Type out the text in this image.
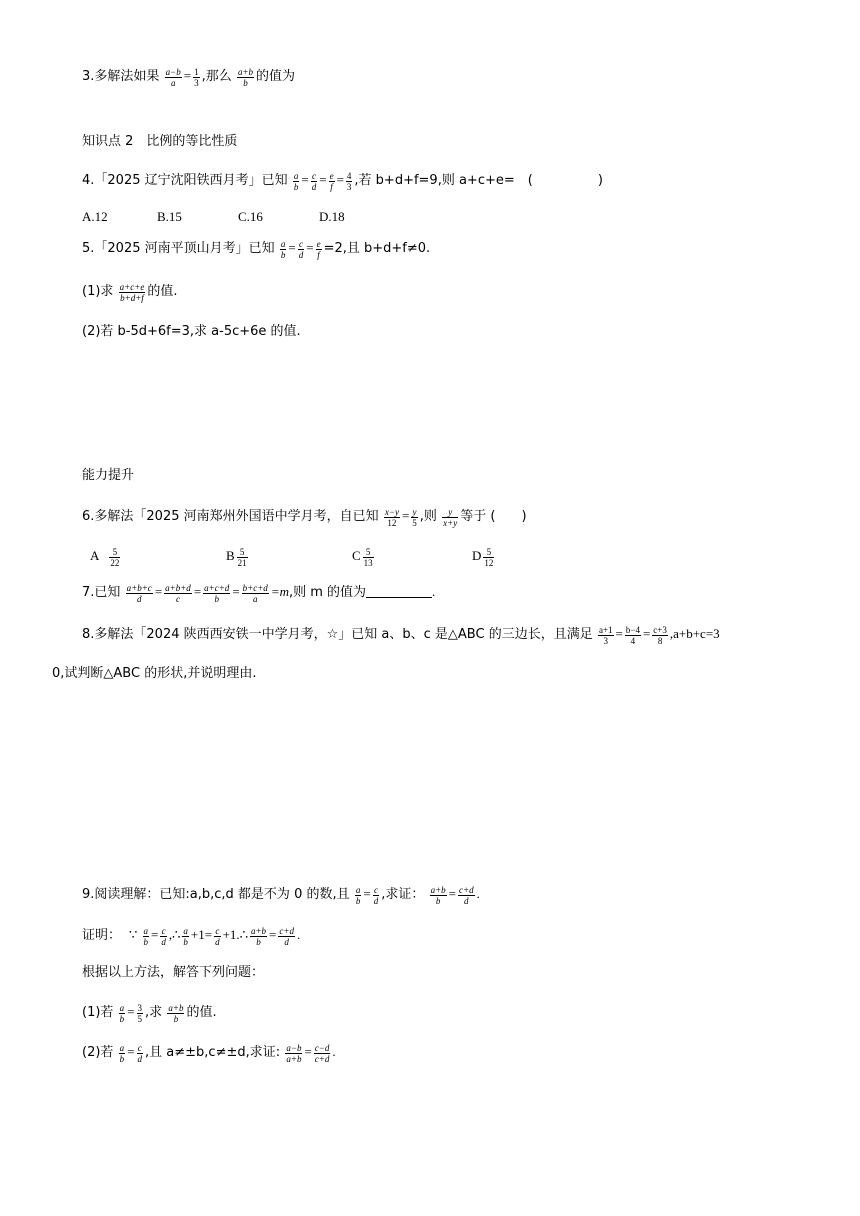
3.多解法如果 $\frac{a-b}{a} = \frac{1}{3}$ ,那么 $\frac{a+b}{b}$ 的值为
知识点 2　比例的等比性质
4.「2025 辽宁沈阳铁西月考」已知 $\frac{a}{b} = \frac{c}{d} = \frac{e}{f} = \frac{4}{3}$ ,若 b+d+f=9,则 a+c+e=　(　　　　　)
A.12	B.15	C.16	D.18
5.「2025 河南平顶山月考」已知 $\frac{a}{b} = \frac{c}{d} = \frac{e}{f} =2$,且 b+d+f≠0.
(1)求 $\frac{a+c+e}{b+d+f}$ 的值.
(2)若 b-5d+6f=3,求 a-5c+6e 的值.
能力提升
6.多解法「2025 河南郑州外国语中学月考，自已知 $\frac{x-y}{12} = \frac{y}{5}$ ,则 $\frac{y}{x+y}$ 等于 (　　)
A $\frac{5}{22}$	B $\frac{5}{21}$	C $\frac{5}{13}$	D $\frac{5}{12}$
7.已知 $\frac{a+b+c}{d} = \frac{a+b+d}{c} = \frac{a+c+d}{b} = \frac{b+c+d}{a} =m$,则 m 的值为	.
8.多解法「2024 陕西西安铁一中学月考，☆」已知 a、b、c 是△ABC 的三边长，且满足 $\frac{a+1}{3} = \frac{b-4}{4} = \frac{c+3}{8} ,a+b+c=3$
0,试判断△ABC 的形状,并说明理由.
9.阅读理解：已知:a,b,c,d 都是不为 0 的数,且 $\frac{a}{b} = \frac{c}{d}$ ,求证： $\frac{a+b}{b} = \frac{c+d}{d}$ .
证明： ∵ $\frac{a}{b} = \frac{c}{d}$ ,∴ $\frac{a}{b} +1= \frac{c}{d}$ +1.∴ $\frac{a+b}{b} = \frac{c+d}{d}$ .
根据以上方法，解答下列问题：
(1)若 $\frac{a}{b} = \frac{3}{5}$ ,求 $\frac{a+b}{b}$ 的值.
(2)若 $\frac{a}{b} = \frac{c}{d}$ ,且 a≠±b,c≠±d,求证: $\frac{a-b}{a+b} = \frac{c-d}{c+d}$ .
